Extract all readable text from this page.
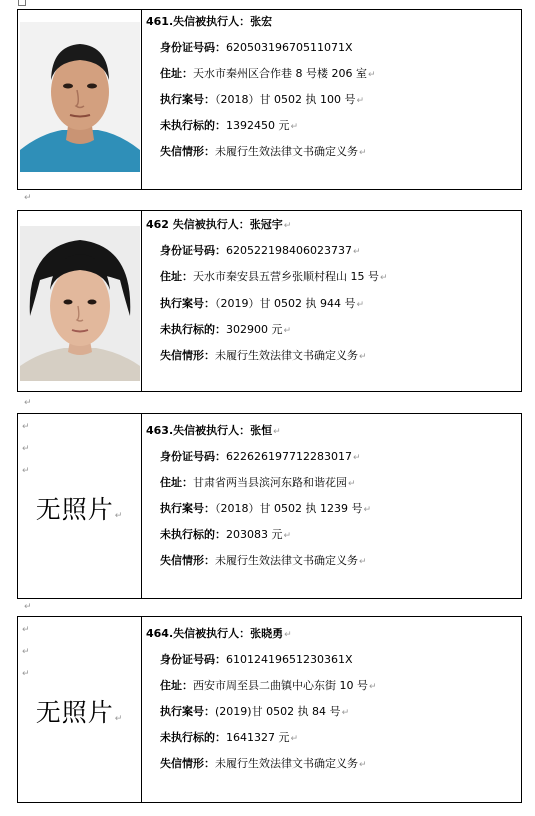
461.失信被执行人：张宏
身份证号码：62050319670511071X
住址：天水市秦州区合作巷 8 号楼 206 室↵
执行案号：（2018）甘 0502 执 100 号↵
未执行标的：1392450 元↵
失信情形：未履行生效法律文书确定义务↵
↵
462 失信被执行人：张冠宇↵
身份证号码：620522198406023737↵
住址：天水市秦安县五营乡张顺村程山 15 号↵
执行案号：（2019）甘 0502 执 944 号↵
未执行标的：302900 元↵
失信情形：未履行生效法律文书确定义务↵
↵
↵
↵
↵
无照片↵
463.失信被执行人：张恒↵
身份证号码：622626197712283017↵
住址：甘肃省两当县滨河东路和谐花园↵
执行案号：（2018）甘 0502 执 1239 号↵
未执行标的：203083 元↵
失信情形：未履行生效法律文书确定义务↵
↵
↵
↵
↵
无照片↵
464.失信被执行人：张晓勇↵
身份证号码：61012419651230361X
住址：西安市周至县二曲镇中心东街 10 号↵
执行案号：(2019)甘 0502 执 84 号↵
未执行标的：1641327 元↵
失信情形：未履行生效法律文书确定义务↵
